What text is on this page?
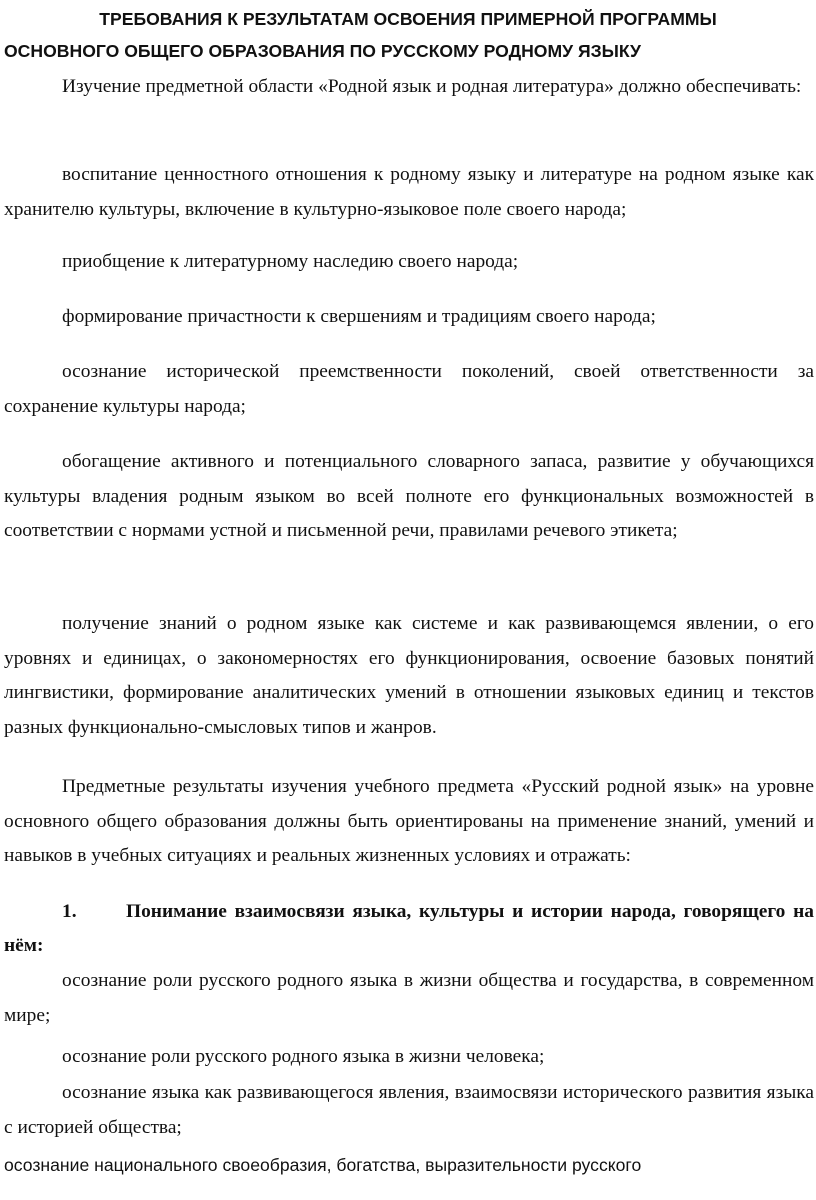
ТРЕБОВАНИЯ К РЕЗУЛЬТАТАМ ОСВОЕНИЯ ПРИМЕРНОЙ ПРОГРАММЫ
ОСНОВНОГО ОБЩЕГО ОБРАЗОВАНИЯ ПО РУССКОМУ РОДНОМУ ЯЗЫКУ

Изучение предметной области «Родной язык и родная литература» должно обеспечивать:

воспитание ценностного отношения к родному языку и литературе на родном языке как хранителю культуры, включение в культурно-языковое поле своего народа;

приобщение к литературному наследию своего народа;

формирование причастности к свершениям и традициям своего народа;

осознание исторической преемственности поколений, своей ответственности за сохранение культуры народа;

обогащение активного и потенциального словарного запаса, развитие у обучающихся культуры владения родным языком во всей полноте его функциональных возможностей в соответствии с нормами устной и письменной речи, правилами речевого этикета;

получение знаний о родном языке как системе и как развивающемся явлении, о его уровнях и единицах, о закономерностях его функционирования, освоение базовых понятий лингвистики, формирование аналитических умений в отношении языковых единиц и текстов разных функционально-смысловых типов и жанров.

Предметные результаты изучения учебного предмета «Русский родной язык» на уровне основного общего образования должны быть ориентированы на применение знаний, умений и навыков в учебных ситуациях и реальных жизненных условиях и отражать:

1.	Понимание взаимосвязи языка, культуры и истории народа, говорящего на нём:

осознание роли русского родного языка в жизни общества и государства, в современном мире;

осознание роли русского родного языка в жизни человека;

осознание языка как развивающегося явления, взаимосвязи исторического развития языка с историей общества;

осознание национального своеобразия, богатства, выразительности русского
